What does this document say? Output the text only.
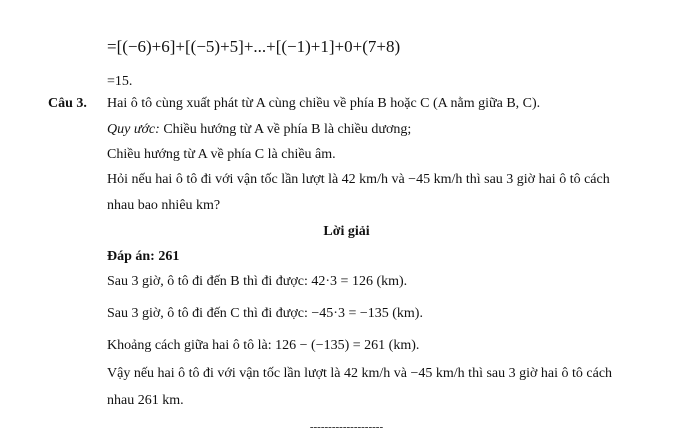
=[(−6)+6]+[(−5)+5]+...+[(−1)+1]+0+(7+8)
=15.
Câu 3. Hai ô tô cùng xuất phát từ A cùng chiều về phía B hoặc C (A nằm giữa B, C).
Quy ước: Chiều hướng từ A về phía B là chiều dương;
Chiều hướng từ A về phía C là chiều âm.
Hỏi nếu hai ô tô đi với vận tốc lần lượt là 42 km/h và −45 km/h thì sau 3 giờ hai ô tô cách
nhau bao nhiêu km?
Lời giải
Đáp án: 261
Sau 3 giờ, ô tô đi đến B thì đi được: 42·3 = 126 (km).
Sau 3 giờ, ô tô đi đến C thì đi được: −45·3 = −135 (km).
Khoảng cách giữa hai ô tô là: 126 − (−135) = 261 (km).
Vậy nếu hai ô tô đi với vận tốc lần lượt là 42 km/h và −45 km/h thì sau 3 giờ hai ô tô cách
nhau 261 km.
--------------------
